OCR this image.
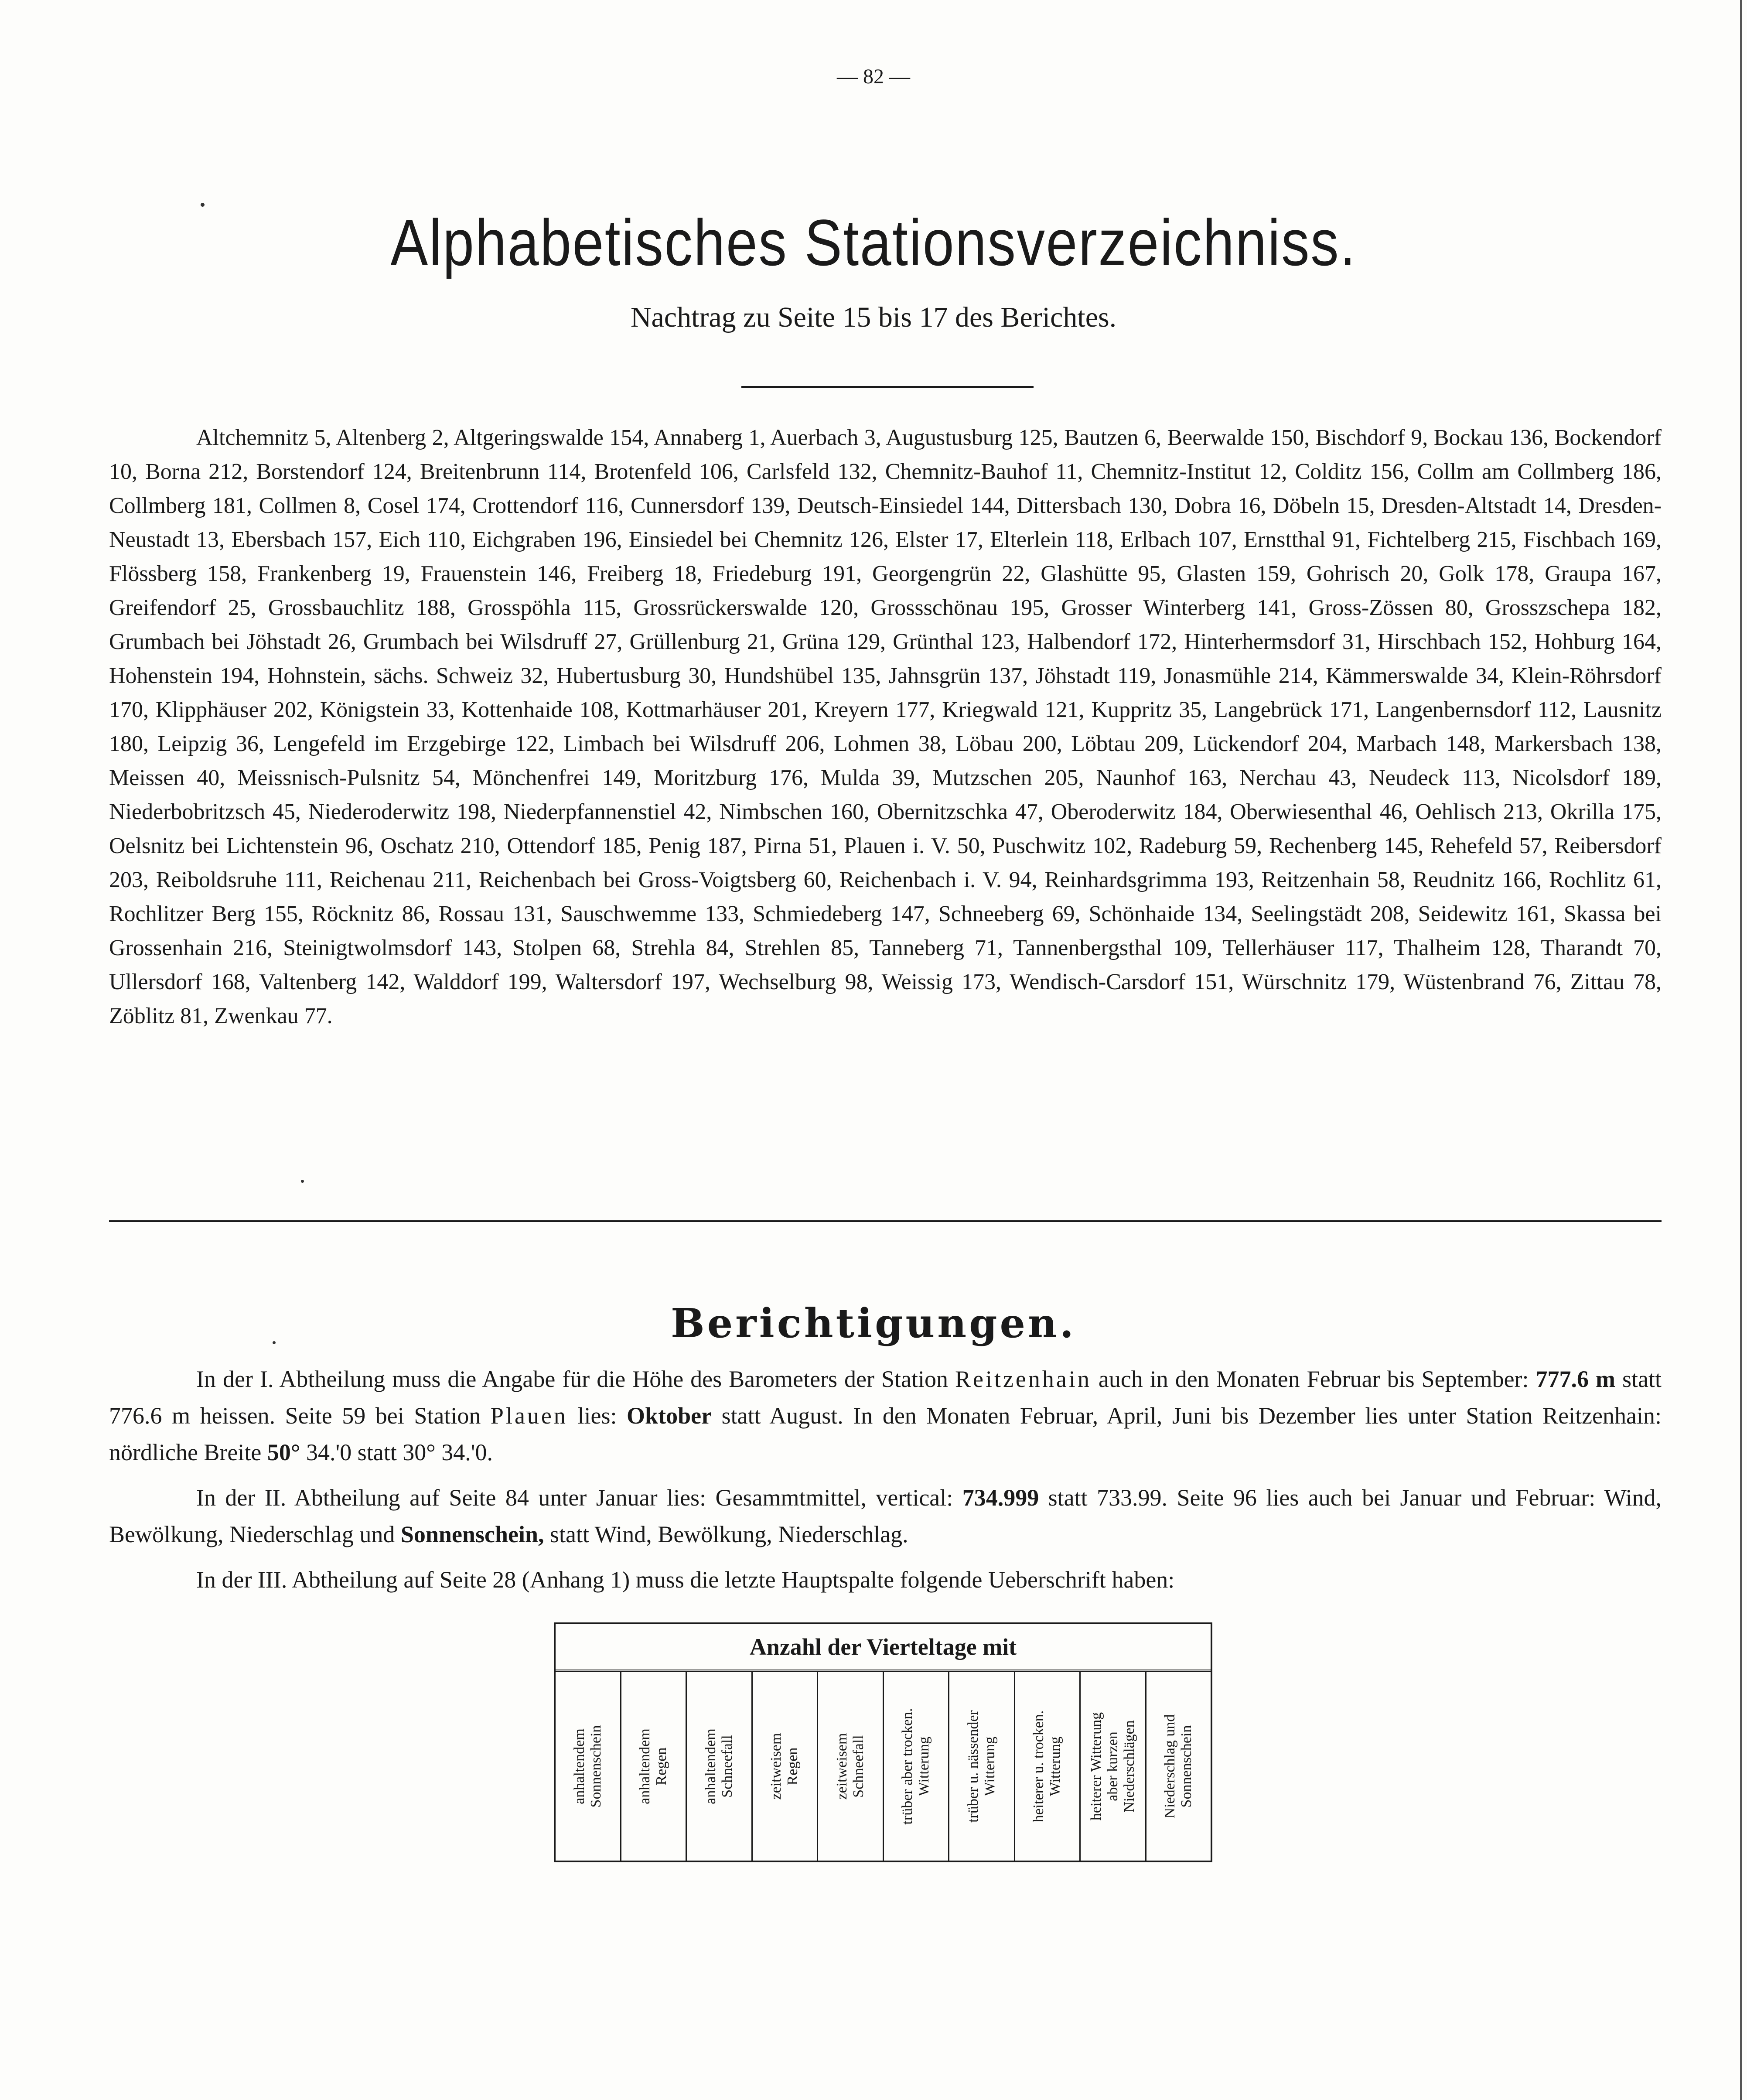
— 82 —
Alphabetisches Stationsverzeichniss.
Nachtrag zu Seite 15 bis 17 des Berichtes.
Altchemnitz 5, Altenberg 2, Altgeringswalde 154, Annaberg 1, Auerbach 3, Augustusburg 125, Bautzen 6, Beerwalde 150, Bischdorf 9, Bockau 136, Bockendorf 10, Borna 212, Borstendorf 124, Breitenbrunn 114, Brotenfeld 106, Carlsfeld 132, Chemnitz-Bauhof 11, Chemnitz-Institut 12, Colditz 156, Collm am Collmberg 186, Collmberg 181, Collmen 8, Cosel 174, Crottendorf 116, Cunnersdorf 139, Deutsch-Einsiedel 144, Dittersbach 130, Dobra 16, Döbeln 15, Dresden-Altstadt 14, Dresden-Neustadt 13, Ebersbach 157, Eich 110, Eichgraben 196, Einsiedel bei Chemnitz 126, Elster 17, Elterlein 118, Erlbach 107, Ernstthal 91, Fichtelberg 215, Fischbach 169, Flössberg 158, Frankenberg 19, Frauenstein 146, Freiberg 18, Friedeburg 191, Georgengrün 22, Glashütte 95, Glasten 159, Gohrisch 20, Golk 178, Graupa 167, Greifendorf 25, Grossbauchlitz 188, Grosspöhla 115, Grossrückerswalde 120, Grossschönau 195, Grosser Winterberg 141, Gross-Zössen 80, Grosszschepa 182, Grumbach bei Jöhstadt 26, Grumbach bei Wilsdruff 27, Grüllenburg 21, Grüna 129, Grünthal 123, Halbendorf 172, Hinterhermsdorf 31, Hirschbach 152, Hohburg 164, Hohenstein 194, Hohnstein, sächs. Schweiz 32, Hubertusburg 30, Hundshübel 135, Jahnsgrün 137, Jöhstadt 119, Jonasmühle 214, Kämmerswalde 34, Klein-Röhrsdorf 170, Klipphäuser 202, Königstein 33, Kottenhaide 108, Kottmarhäuser 201, Kreyern 177, Kriegwald 121, Kuppritz 35, Langebrück 171, Langenbernsdorf 112, Lausnitz 180, Leipzig 36, Lengefeld im Erzgebirge 122, Limbach bei Wilsdruff 206, Lohmen 38, Löbau 200, Löbtau 209, Lückendorf 204, Marbach 148, Markersbach 138, Meissen 40, Meissnisch-Pulsnitz 54, Mönchenfrei 149, Moritzburg 176, Mulda 39, Mutzschen 205, Naunhof 163, Nerchau 43, Neudeck 113, Nicolsdorf 189, Niederbobritzsch 45, Niederoderwitz 198, Niederpfannenstiel 42, Nimbschen 160, Obernitzschka 47, Oberoderwitz 184, Oberwiesenthal 46, Oehlisch 213, Okrilla 175, Oelsnitz bei Lichtenstein 96, Oschatz 210, Ottendorf 185, Penig 187, Pirna 51, Plauen i. V. 50, Puschwitz 102, Radeburg 59, Rechenberg 145, Rehefeld 57, Reibersdorf 203, Reiboldsruhe 111, Reichenau 211, Reichenbach bei Gross-Voigtsberg 60, Reichenbach i. V. 94, Reinhardsgrimma 193, Reitzenhain 58, Reudnitz 166, Rochlitz 61, Rochlitzer Berg 155, Röcknitz 86, Rossau 131, Sauschwemme 133, Schmiedeberg 147, Schneeberg 69, Schönhaide 134, Seelingstädt 208, Seidewitz 161, Skassa bei Grossenhain 216, Steinigtwolmsdorf 143, Stolpen 68, Strehla 84, Strehlen 85, Tanneberg 71, Tannenbergsthal 109, Tellerhäuser 117, Thalheim 128, Tharandt 70, Ullersdorf 168, Valtenberg 142, Walddorf 199, Waltersdorf 197, Wechselburg 98, Weissig 173, Wendisch-Carsdorf 151, Würschnitz 179, Wüstenbrand 76, Zittau 78, Zöblitz 81, Zwenkau 77.
Berichtigungen.

In der I. Abtheilung muss die Angabe für die Höhe des Barometers der Station Reitzenhain auch in den Monaten Februar bis September: 777.6 m statt 776.6 m heissen. Seite 59 bei Station Plauen lies: Oktober statt August. In den Monaten Februar, April, Juni bis Dezember lies unter Station Reitzenhain: nördliche Breite 50° 34.'0 statt 30° 34.'0.

In der II. Abtheilung auf Seite 84 unter Januar lies: Gesammtmittel, vertical: 734.999 statt 733.99. Seite 96 lies auch bei Januar und Februar: Wind, Bewölkung, Niederschlag und Sonnenschein, statt Wind, Bewölkung, Niederschlag.

In der III. Abtheilung auf Seite 28 (Anhang 1) muss die letzte Hauptspalte folgende Ueberschrift haben:

Anzahl der Vierteltage mit
anhaltendem
Sonnenschein anhaltendem
Regen anhaltendem
Schneefall zeitweisem
Regen zeitweisem
Schneefall
trüber aber trocken.
Witterung
trüber u. nässender
Witterung
heiterer u. trocken.
Witterung
heiterer Witterung
aber kurzen
Niederschlägen Niederschlag und
Sonnenschein
